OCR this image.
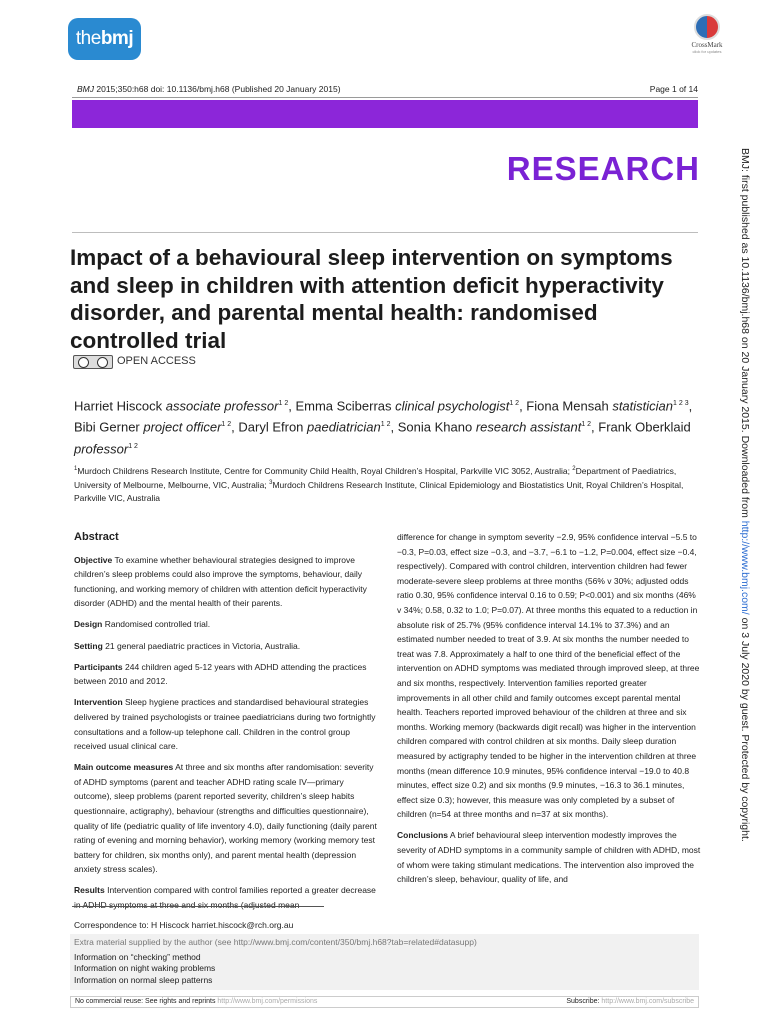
the bmj	CrossMark
click for updates
BMJ 2015;350:h68 doi: 10.1136/bmj.h68 (Published 20 January 2015)	Page 1 of 14
RESEARCH
Impact of a behavioural sleep intervention on symptoms and sleep in children with attention deficit hyperactivity disorder, and parental mental health: randomised controlled trial
OPEN ACCESS
Harriet Hiscock associate professor$^{1 2}$, Emma Sciberras clinical psychologist$^{1 2}$, Fiona Mensah statistician$^{1 2 3}$, Bibi Gerner project officer$^{1 2}$, Daryl Efron paediatrician$^{1 2}$, Sonia Khano research assistant$^{1 2}$, Frank Oberklaid professor$^{1 2}$
$^1$Murdoch Childrens Research Institute, Centre for Community Child Health, Royal Children’s Hospital, Parkville VIC 3052, Australia; $^2$Department of Paediatrics, University of Melbourne, Melbourne, VIC, Australia; $^3$Murdoch Childrens Research Institute, Clinical Epidemiology and Biostatistics Unit, Royal Children’s Hospital, Parkville VIC, Australia

Abstract

Objective To examine whether behavioural strategies designed to improve children’s sleep problems could also improve the symptoms, behaviour, daily functioning, and working memory of children with attention deficit hyperactivity disorder (ADHD) and the mental health of their parents.

Design Randomised controlled trial.

Setting 21 general paediatric practices in Victoria, Australia.

Participants 244 children aged 5-12 years with ADHD attending the practices between 2010 and 2012.

Intervention Sleep hygiene practices and standardised behavioural strategies delivered by trained psychologists or trainee paediatricians during two fortnightly consultations and a follow-up telephone call. Children in the control group received usual clinical care.

Main outcome measures At three and six months after randomisation: severity of ADHD symptoms (parent and teacher ADHD rating scale IV—primary outcome), sleep problems (parent reported severity, children’s sleep habits questionnaire, actigraphy), behaviour (strengths and difficulties questionnaire), quality of life (pediatric quality of life inventory 4.0), daily functioning (daily parent rating of evening and morning behavior), working memory (working memory test battery for children, six months only), and parent mental health (depression anxiety stress scales).

Results Intervention compared with control families reported a greater decrease in ADHD symptoms at three and six months (adjusted mean

difference for change in symptom severity −2.9, 95% confidence interval −5.5 to −0.3, P=0.03, effect size −0.3, and −3.7, −6.1 to −1.2, P=0.004, effect size −0.4, respectively). Compared with control children, intervention children had fewer moderate-severe sleep problems at three months (56% v 30%; adjusted odds ratio 0.30, 95% confidence interval 0.16 to 0.59; P<0.001) and six months (46% v 34%; 0.58, 0.32 to 1.0; P=0.07). At three months this equated to a reduction in absolute risk of 25.7% (95% confidence interval 14.1% to 37.3%) and an estimated number needed to treat of 3.9. At six months the number needed to treat was 7.8. Approximately a half to one third of the beneficial effect of the intervention on ADHD symptoms was mediated through improved sleep, at three and six months, respectively. Intervention families reported greater improvements in all other child and family outcomes except parental mental health. Teachers reported improved behaviour of the children at three and six months. Working memory (backwards digit recall) was higher in the intervention children compared with control children at six months. Daily sleep duration measured by actigraphy tended to be higher in the intervention children at three months (mean difference 10.9 minutes, 95% confidence interval −19.0 to 40.8 minutes, effect size 0.2) and six months (9.9 minutes, −16.3 to 36.1 minutes, effect size 0.3); however, this measure was only completed by a subset of children (n=54 at three months and n=37 at six months).

Conclusions A brief behavioural sleep intervention modestly improves the severity of ADHD symptoms in a community sample of children with ADHD, most of whom were taking stimulant medications. The intervention also improved the children’s sleep, behaviour, quality of life, and

Correspondence to: H Hiscock harriet.hiscock@rch.org.au
Extra material supplied by the author (see http://www.bmj.com/content/350/bmj.h68?tab=related#datasupp)
Information on “checking” method
Information on night waking problems
Information on normal sleep patterns
No commercial reuse: See rights and reprints http://www.bmj.com/permissions	Subscribe: http://www.bmj.com/subscribe
BMJ: first published as 10.1136/bmj.h68 on 20 January 2015. Downloaded from http://www.bmj.com/ on 3 July 2020 by guest. Protected by copyright.
